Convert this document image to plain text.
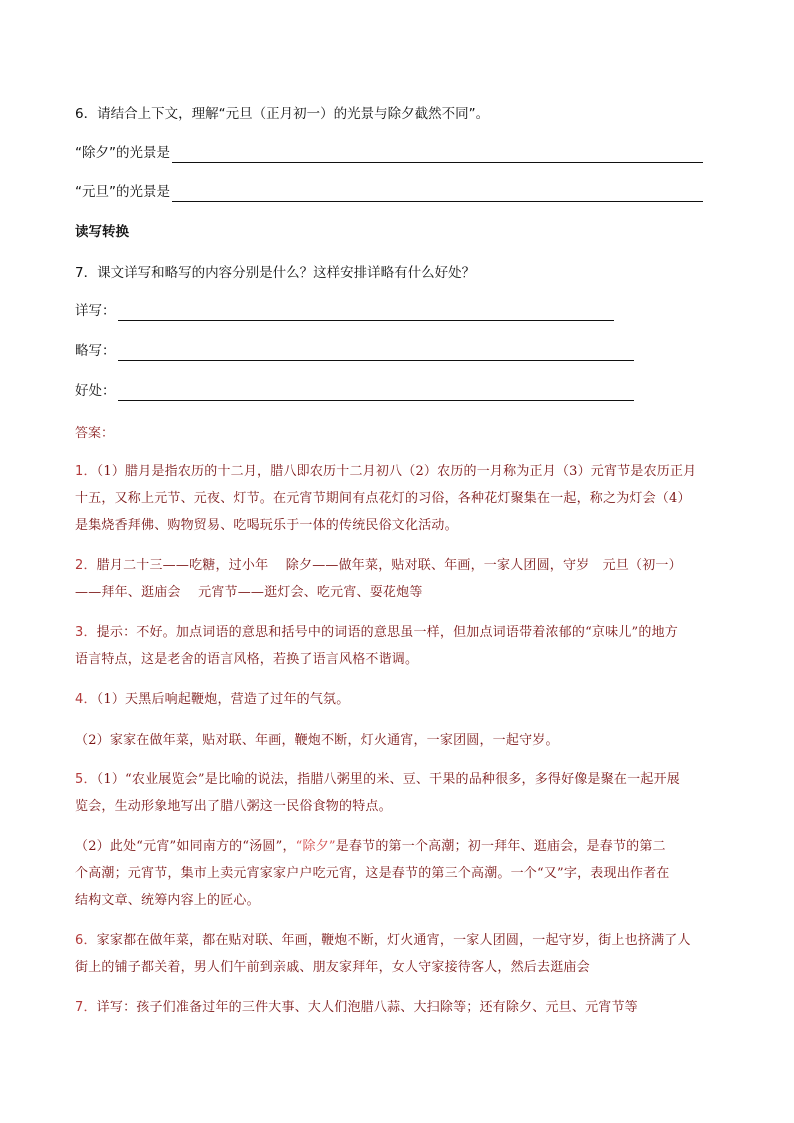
6．请结合上下文，理解“元旦（正月初一）的光景与除夕截然不同”。
“除夕”的光景是
“元旦”的光景是
读写转换
7．课文详写和略写的内容分别是什么？这样安排详略有什么好处？
详写：
略写：
好处：
答案：
1．（1）腊月是指农历的十二月，腊八即农历十二月初八（2）农历的一月称为正月（3）元宵节是农历正月
十五，又称上元节、元夜、灯节。在元宵节期间有点花灯的习俗，各种花灯聚集在一起，称之为灯会（4）
是集烧香拜佛、购物贸易、吃喝玩乐于一体的传统民俗文化活动。
2．腊月二十三——吃糖，过小年　 除夕——做年菜，贴对联、年画，一家人团圆，守岁　元旦（初一）
——拜年、逛庙会　 元宵节——逛灯会、吃元宵、耍花炮等
3．提示：不好。加点词语的意思和括号中的词语的意思虽一样，但加点词语带着浓郁的“京味儿”的地方
语言特点，这是老舍的语言风格，若换了语言风格不谐调。
4．（1）天黑后响起鞭炮，营造了过年的气氛。
（2）家家在做年菜，贴对联、年画，鞭炮不断，灯火通宵，一家团圆，一起守岁。
5．（1）“农业展览会”是比喻的说法，指腊八粥里的米、豆、干果的品种很多，多得好像是聚在一起开展
览会，生动形象地写出了腊八粥这一民俗食物的特点。
（2）此处“元宵”如同南方的“汤圆”，“除夕”是春节的第一个高潮；初一拜年、逛庙会，是春节的第二
个高潮；元宵节，集市上卖元宵家家户户吃元宵，这是春节的第三个高潮。一个“又”字，表现出作者在
结构文章、统筹内容上的匠心。
6．家家都在做年菜，都在贴对联、年画，鞭炮不断，灯火通宵，一家人团圆，一起守岁，街上也挤满了人
街上的铺子都关着，男人们午前到亲戚、朋友家拜年，女人守家接待客人，然后去逛庙会
7．详写：孩子们准备过年的三件大事、大人们泡腊八蒜、大扫除等；还有除夕、元旦、元宵节等
